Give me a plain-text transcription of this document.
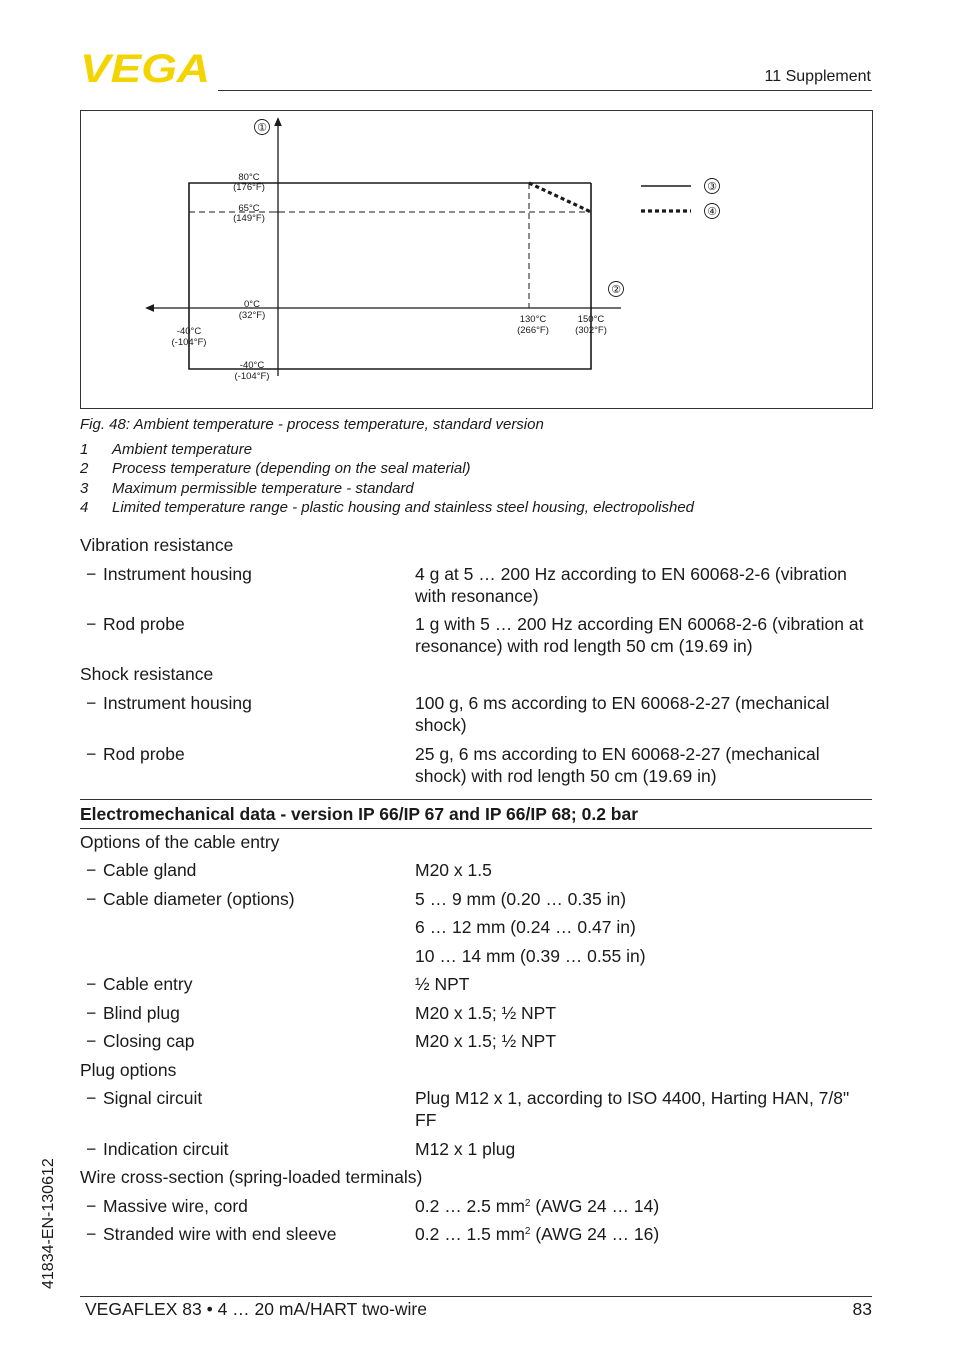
VEGA	11 Supplement
80°C
(176°F)
65°C
(149°F)
0°C
(32°F)
-40°C
(-104°F)
-40°C
(-104°F)
130°C
(266°F)
150°C
(302°F)
①
②
③
④
Fig. 48: Ambient temperature - process temperature, standard version
1 Ambient temperature
2 Process temperature (depending on the seal material)
3 Maximum permissible temperature - standard
4 Limited temperature range - plastic housing and stainless steel housing, electropolished
Vibration resistance
− Instrument housing	4 g at 5 … 200 Hz according to EN 60068-2-6 (vibration with resonance)
− Rod probe	1 g with 5 … 200 Hz according EN 60068-2-6 (vibration at resonance) with rod length 50 cm (19.69 in)
Shock resistance
− Instrument housing	100 g, 6 ms according to EN 60068-2-27 (mechanical shock)
− Rod probe	25 g, 6 ms according to EN 60068-2-27 (mechanical shock) with rod length 50 cm (19.69 in)
Electromechanical data - version IP 66/IP 67 and IP 66/IP 68; 0.2 bar
Options of the cable entry
− Cable gland	M20 x 1.5
− Cable diameter (options)	5 … 9 mm (0.20 … 0.35 in)
6 … 12 mm (0.24 … 0.47 in)
10 … 14 mm (0.39 … 0.55 in)
− Cable entry	½ NPT
− Blind plug	M20 x 1.5; ½ NPT
− Closing cap	M20 x 1.5; ½ NPT
Plug options
− Signal circuit	Plug M12 x 1, according to ISO 4400, Harting HAN, 7/8" FF
− Indication circuit	M12 x 1 plug
Wire cross-section (spring-loaded terminals)
− Massive wire, cord	0.2 … 2.5 $mm^2$ (AWG 24 … 14)
− Stranded wire with end sleeve	0.2 … 1.5 $mm^2$ (AWG 24 … 16)
41834-EN-130612
VEGAFLEX 83 • 4 … 20 mA/HART two-wire	83
